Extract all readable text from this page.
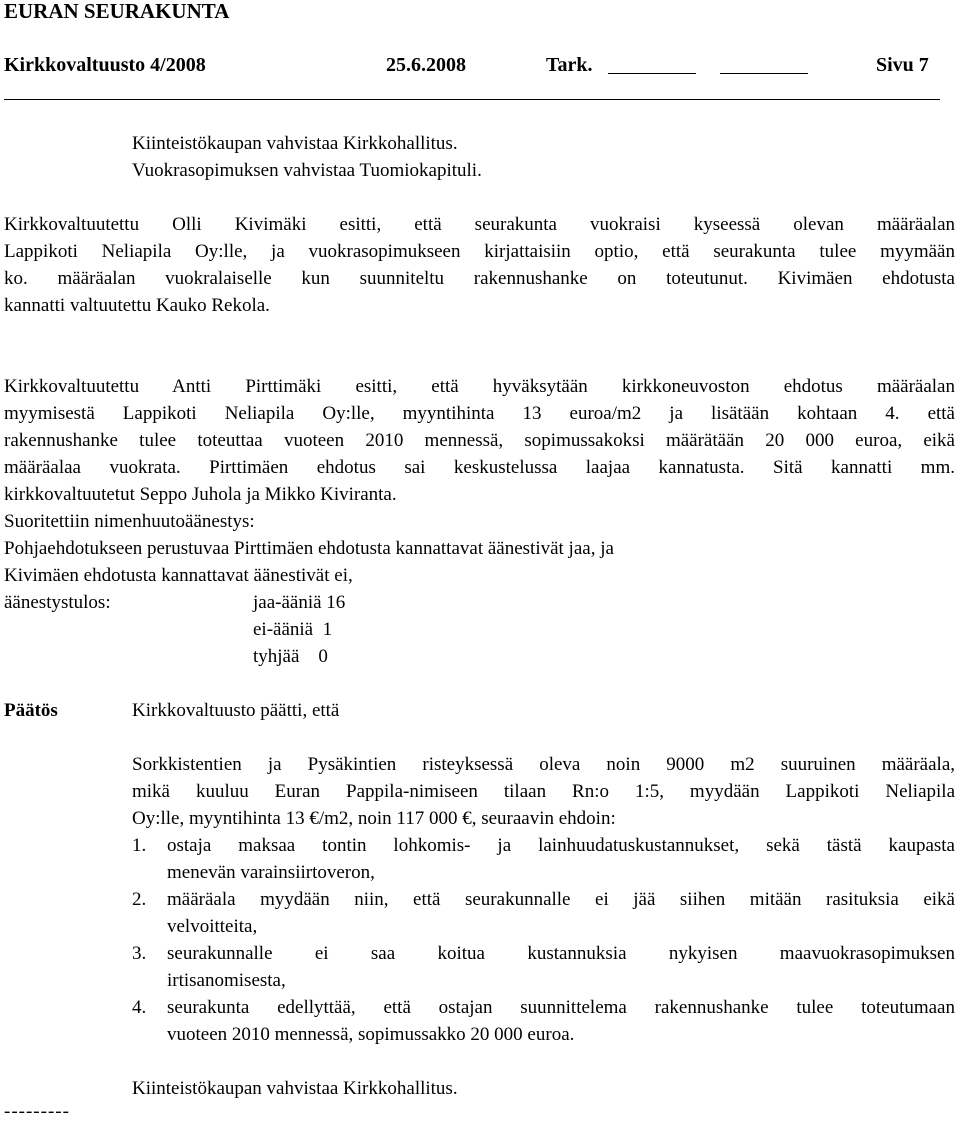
EURAN SEURAKUNTA
Kirkkovaltuusto 4/2008	25.6.2008	Tark.	Sivu 7
Kiinteistökaupan vahvistaa Kirkkohallitus.
Vuokrasopimuksen vahvistaa Tuomiokapituli.
Kirkkovaltuutettu Olli Kivimäki esitti, että seurakunta vuokraisi kyseessä olevan määräalan
Lappikoti Neliapila Oy:lle, ja vuokrasopimukseen kirjattaisiin optio, että seurakunta tulee myymään
ko. määräalan vuokralaiselle kun suunniteltu rakennushanke on toteutunut. Kivimäen ehdotusta
kannatti valtuutettu Kauko Rekola.
Kirkkovaltuutettu Antti Pirttimäki esitti, että hyväksytään kirkkoneuvoston ehdotus määräalan
myymisestä Lappikoti Neliapila Oy:lle, myyntihinta 13 euroa/m2 ja lisätään kohtaan 4. että
rakennushanke tulee toteuttaa vuoteen 2010 mennessä, sopimussakoksi määrätään 20 000 euroa, eikä
määräalaa vuokrata. Pirttimäen ehdotus sai keskustelussa laajaa kannatusta. Sitä kannatti mm.
kirkkovaltuutetut Seppo Juhola ja Mikko Kiviranta.
Suoritettiin nimenhuutoäänestys:
Pohjaehdotukseen perustuvaa Pirttimäen ehdotusta kannattavat äänestivät jaa, ja
Kivimäen ehdotusta kannattavat äänestivät ei,
äänestystulos:	jaa-ääniä 16
ei-ääniä  1
tyhjää    0
Päätös	Kirkkovaltuusto päätti, että
Sorkkistentien ja Pysäkintien risteyksessä oleva noin 9000 m2 suuruinen määräala,
mikä kuuluu Euran Pappila-nimiseen tilaan Rn:o 1:5, myydään Lappikoti Neliapila
Oy:lle, myyntihinta 13 €/m2, noin 117 000 €, seuraavin ehdoin:
1. ostaja maksaa tontin lohkomis- ja lainhuudatuskustannukset, sekä tästä kaupasta
menevän varainsiirtoveron,
2. määräala myydään niin, että seurakunnalle ei jää siihen mitään rasituksia eikä
velvoitteita,
3. seurakunnalle ei saa koitua kustannuksia nykyisen maavuokrasopimuksen
irtisanomisesta,
4. seurakunta edellyttää, että ostajan suunnittelema rakennushanke tulee toteutumaan
vuoteen 2010 mennessä, sopimussakko 20 000 euroa.
Kiinteistökaupan vahvistaa Kirkkohallitus.
---------
